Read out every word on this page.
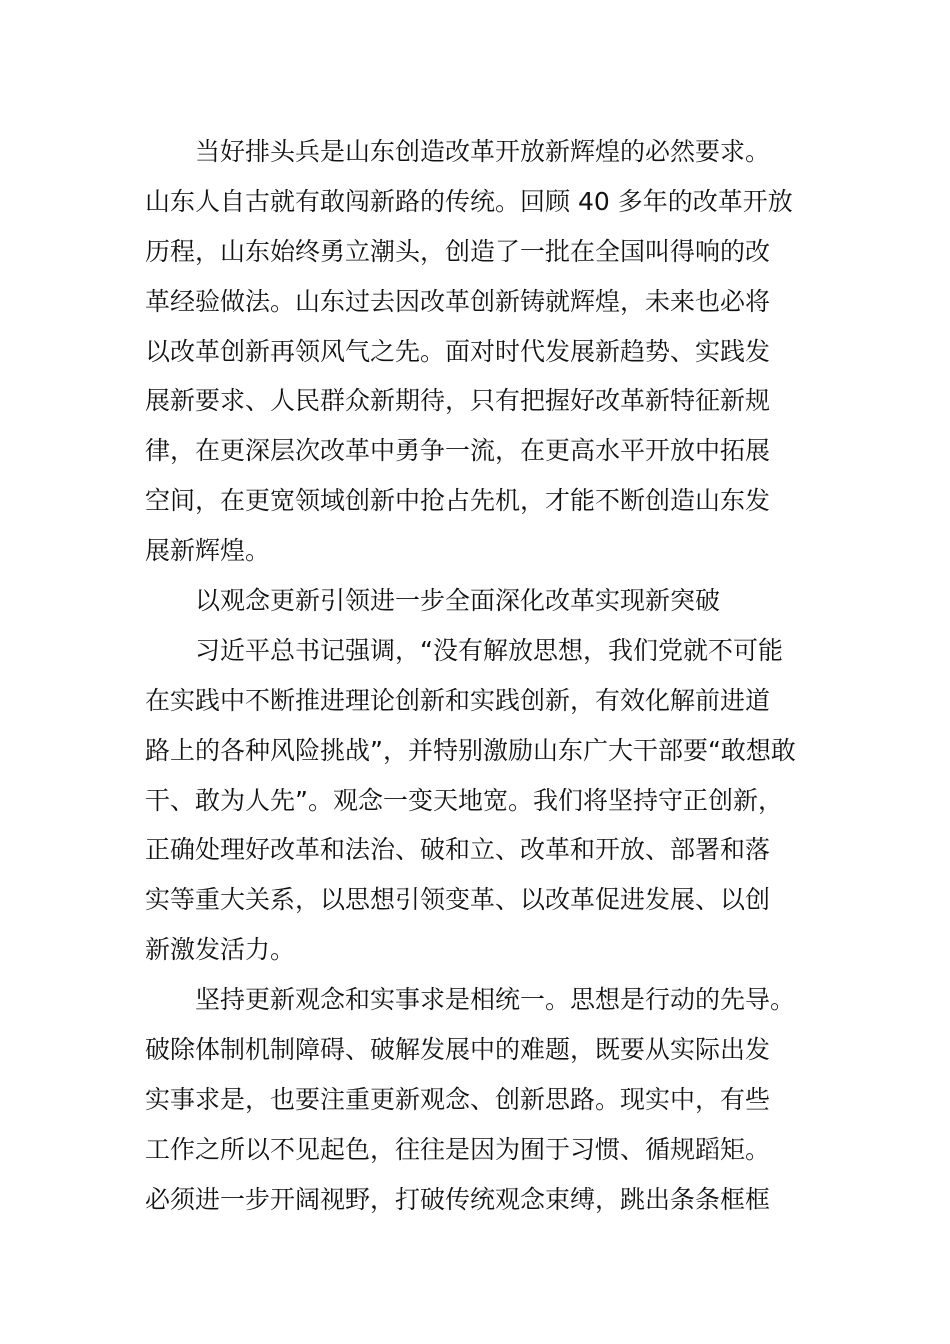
当好排头兵是山东创造改革开放新辉煌的必然要求。
山东人自古就有敢闯新路的传统。回顾 40 多年的改革开放
历程，山东始终勇立潮头，创造了一批在全国叫得响的改
革经验做法。山东过去因改革创新铸就辉煌，未来也必将
以改革创新再领风气之先。面对时代发展新趋势、实践发
展新要求、人民群众新期待，只有把握好改革新特征新规
律，在更深层次改革中勇争一流，在更高水平开放中拓展
空间，在更宽领域创新中抢占先机，才能不断创造山东发
展新辉煌。
以观念更新引领进一步全面深化改革实现新突破
习近平总书记强调，“没有解放思想，我们党就不可能
在实践中不断推进理论创新和实践创新，有效化解前进道
路上的各种风险挑战”，并特别激励山东广大干部要“敢想敢
干、敢为人先”。观念一变天地宽。我们将坚持守正创新，
正确处理好改革和法治、破和立、改革和开放、部署和落
实等重大关系，以思想引领变革、以改革促进发展、以创
新激发活力。
坚持更新观念和实事求是相统一。思想是行动的先导。
破除体制机制障碍、破解发展中的难题，既要从实际出发
实事求是，也要注重更新观念、创新思路。现实中，有些
工作之所以不见起色，往往是因为囿于习惯、循规蹈矩。
必须进一步开阔视野，打破传统观念束缚，跳出条条框框
